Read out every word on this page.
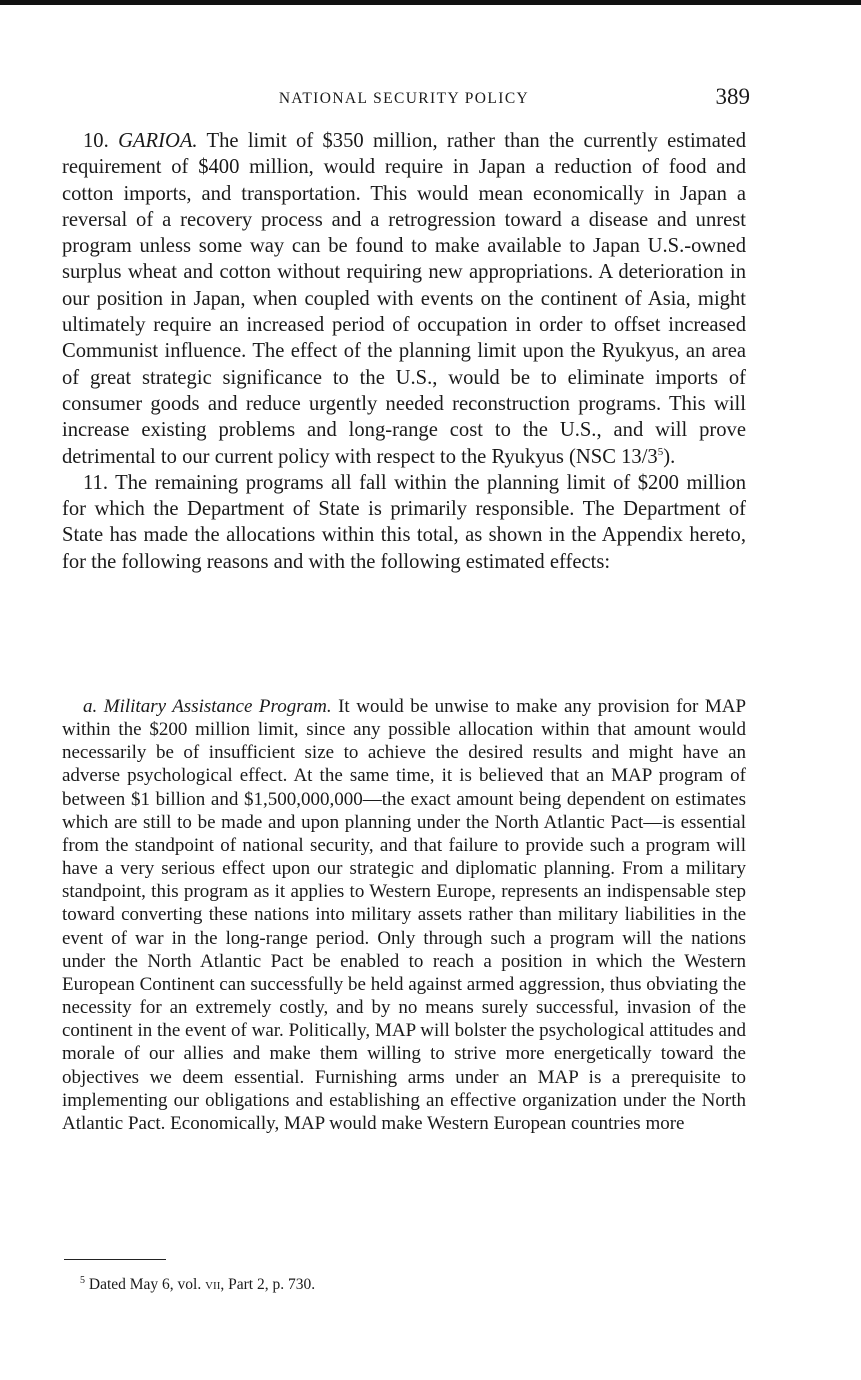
NATIONAL SECURITY POLICY	389

10. GARIOA. The limit of $350 million, rather than the currently estimated requirement of $400 million, would require in Japan a reduction of food and cotton imports, and transportation. This would mean economically in Japan a reversal of a recovery process and a retrogression toward a disease and unrest program unless some way can be found to make available to Japan U.S.-owned surplus wheat and cotton without requiring new appropriations. A deterioration in our position in Japan, when coupled with events on the continent of Asia, might ultimately require an increased period of occupation in order to offset increased Communist influence. The effect of the planning limit upon the Ryukyus, an area of great strategic significance to the U.S., would be to eliminate imports of consumer goods and reduce urgently needed reconstruction programs. This will increase existing problems and long-range cost to the U.S., and will prove detrimental to our current policy with respect to the Ryukyus (NSC 13/3$^5$).

11. The remaining programs all fall within the planning limit of $200 million for which the Department of State is primarily responsible. The Department of State has made the allocations within this total, as shown in the Appendix hereto, for the following reasons and with the following estimated effects:

a. Military Assistance Program. It would be unwise to make any provision for MAP within the $200 million limit, since any possible allocation within that amount would necessarily be of insufficient size to achieve the desired results and might have an adverse psychological effect. At the same time, it is believed that an MAP program of between $1 billion and $1,500,000,000—the exact amount being dependent on estimates which are still to be made and upon planning under the North Atlantic Pact—is essential from the standpoint of national security, and that failure to provide such a program will have a very serious effect upon our strategic and diplomatic planning. From a military standpoint, this program as it applies to Western Europe, represents an indispensable step toward converting these nations into military assets rather than military liabilities in the event of war in the long-range period. Only through such a program will the nations under the North Atlantic Pact be enabled to reach a position in which the Western European Continent can successfully be held against armed aggression, thus obviating the necessity for an extremely costly, and by no means surely successful, invasion of the continent in the event of war. Politically, MAP will bolster the psychological attitudes and morale of our allies and make them willing to strive more energetically toward the objectives we deem essential. Furnishing arms under an MAP is a prerequisite to implementing our obligations and establishing an effective organization under the North Atlantic Pact. Economically, MAP would make Western European countries more

$^5$ Dated May 6, vol. vii, Part 2, p. 730.
